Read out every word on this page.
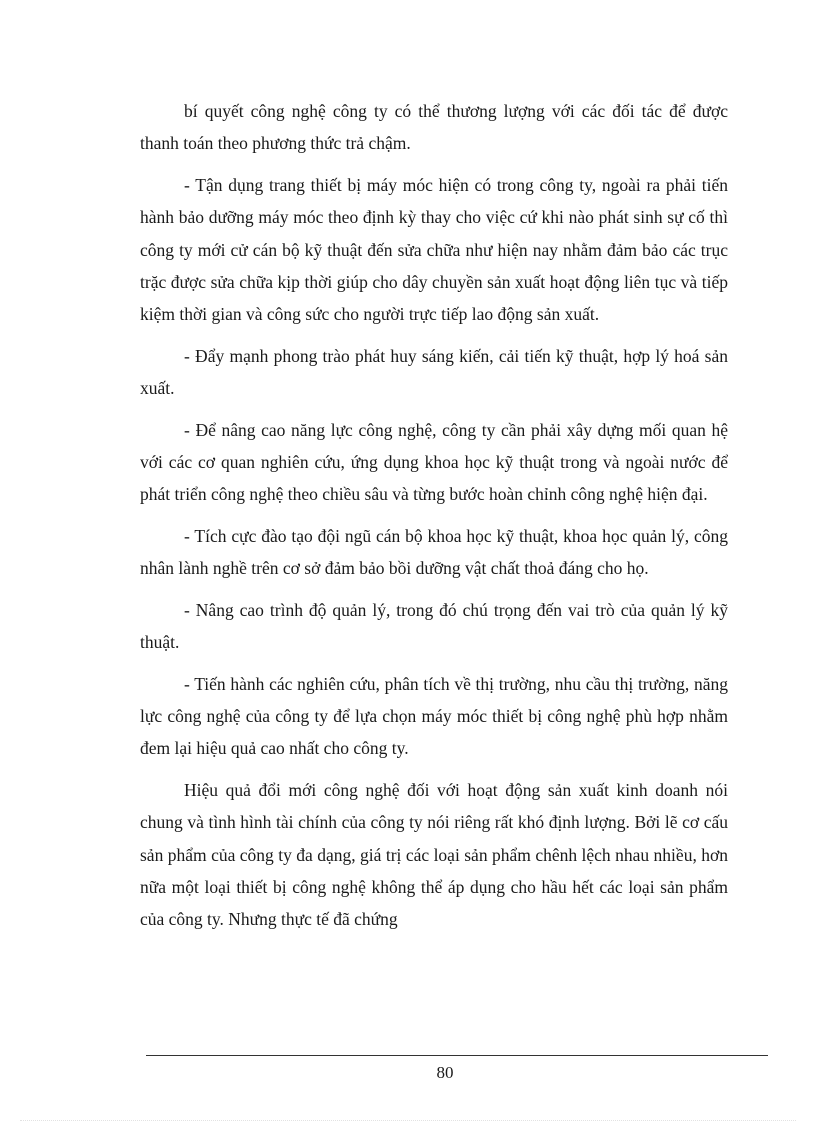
bí quyết công nghệ công ty có thể thương lượng với các đối tác để được thanh toán theo phương thức trả chậm.

- Tận dụng trang thiết bị máy móc hiện có trong công ty, ngoài ra phải tiến hành bảo dưỡng máy móc theo định kỳ thay cho việc cứ khi nào phát sinh sự cố thì công ty mới cử cán bộ kỹ thuật đến sửa chữa như hiện nay nhằm đảm bảo các trục trặc được sửa chữa kịp thời giúp cho dây chuyền sản xuất hoạt động liên tục và tiếp kiệm thời gian và công sức cho người trực tiếp lao động sản xuất.

- Đẩy mạnh phong trào phát huy sáng kiến, cải tiến kỹ thuật, hợp lý hoá sản xuất.

- Để nâng cao năng lực công nghệ, công ty cần phải xây dựng mối quan hệ với các cơ quan nghiên cứu, ứng dụng khoa học kỹ thuật trong và ngoài nước để phát triển công nghệ theo chiều sâu và từng bước hoàn chỉnh công nghệ hiện đại.

- Tích cực đào tạo đội ngũ cán bộ khoa học kỹ thuật, khoa học quản lý, công nhân lành nghề trên cơ sở đảm bảo bồi dưỡng vật chất thoả đáng cho họ.

- Nâng cao trình độ quản lý, trong đó chú trọng đến vai trò của quản lý kỹ thuật.

- Tiến hành các nghiên cứu, phân tích về thị trường, nhu cầu thị trường, năng lực công nghệ của công ty để lựa chọn máy móc thiết bị công nghệ phù hợp nhằm đem lại hiệu quả cao nhất cho công ty.

Hiệu quả đổi mới công nghệ đối với hoạt động sản xuất kinh doanh nói chung và tình hình tài chính của công ty nói riêng rất khó định lượng. Bởi lẽ cơ cấu sản phẩm của công ty đa dạng, giá trị các loại sản phẩm chênh lệch nhau nhiều, hơn nữa một loại thiết bị công nghệ không thể áp dụng cho hầu hết các loại sản phẩm của công ty. Nhưng thực tế đã chứng

80
